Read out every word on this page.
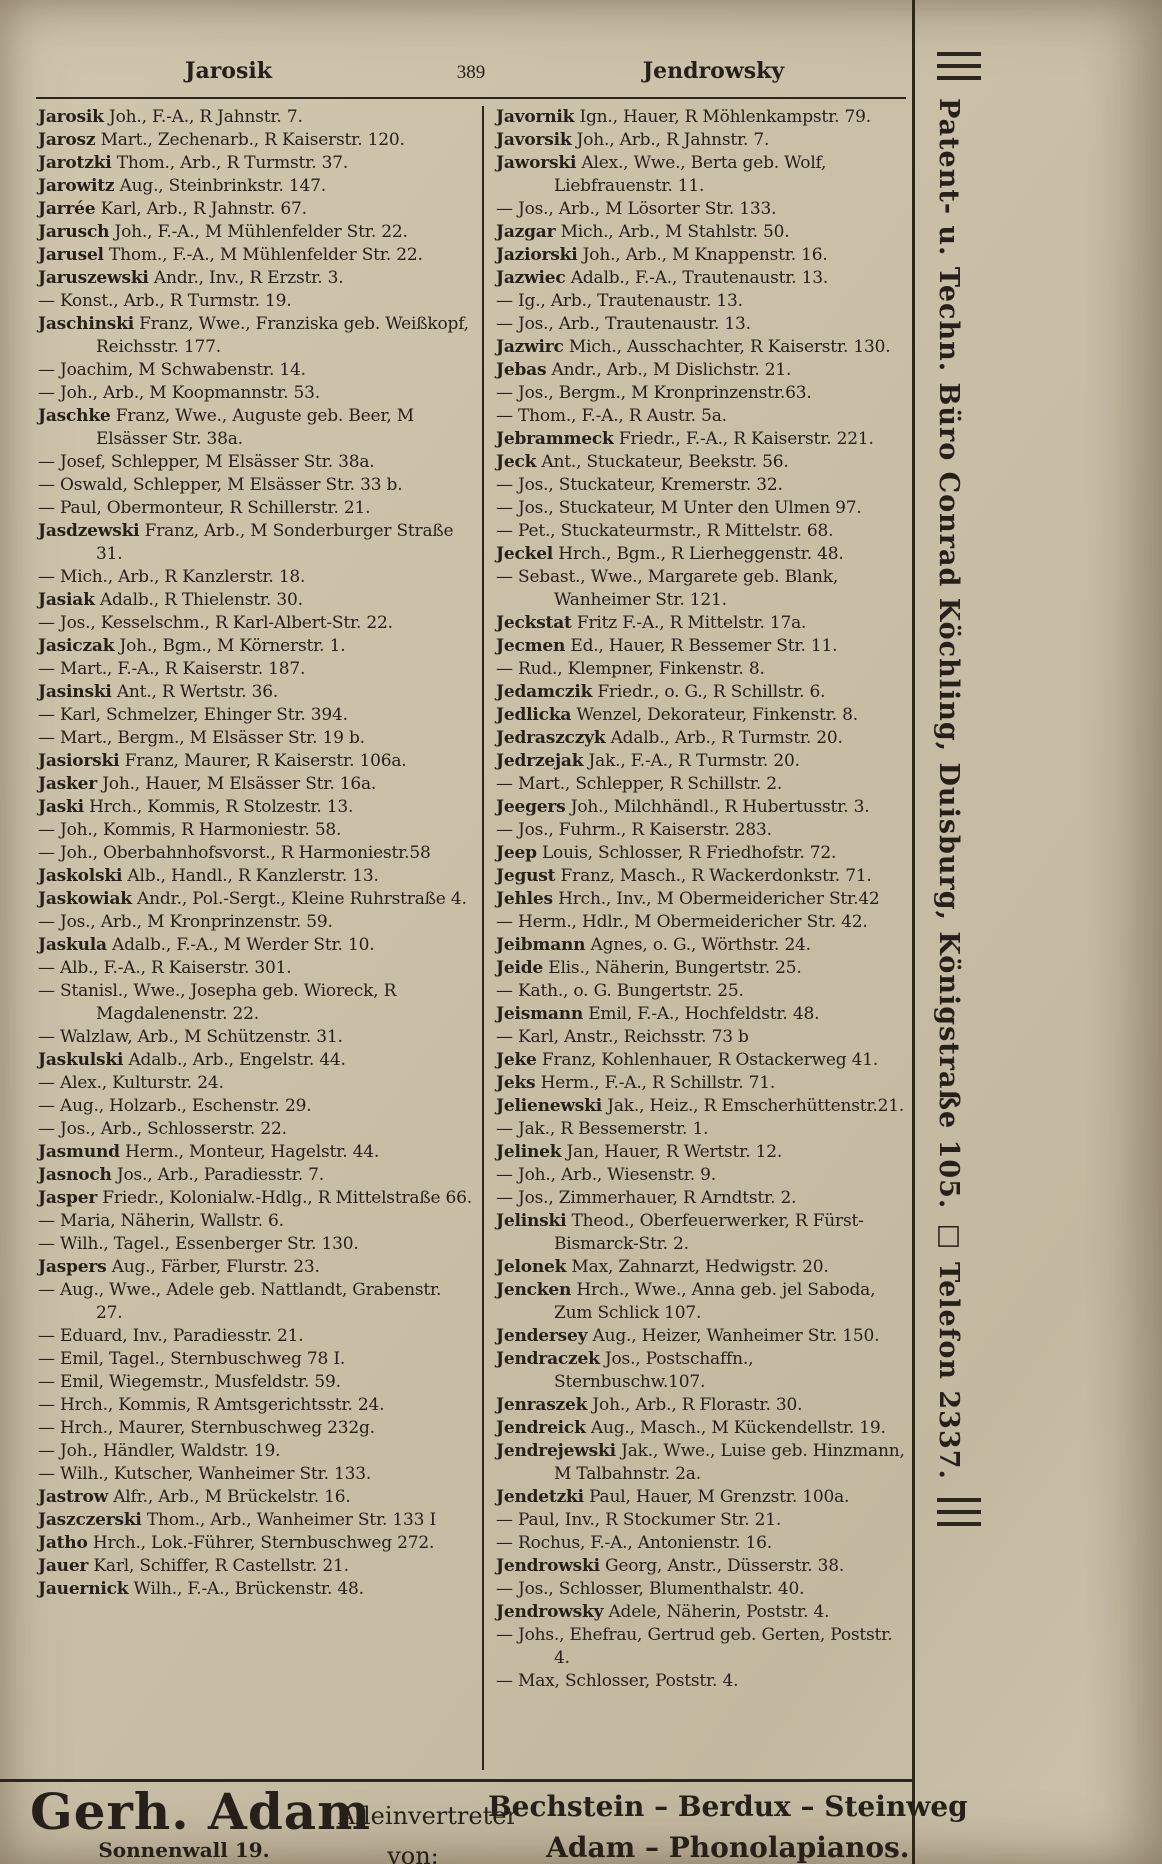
Jarosik	389	Jendrowsky
Jarosik Joh., F.-A., R Jahnstr. 7.
Jarosz Mart., Zechenarb., R Kaiserstr. 120.
Jarotzki Thom., Arb., R Turmstr. 37.
Jarowitz Aug., Steinbrinkstr. 147.
Jarrée Karl, Arb., R Jahnstr. 67.
Jarusch Joh., F.-A., M Mühlenfelder Str. 22.
Jarusel Thom., F.-A., M Mühlenfelder Str. 22.
Jaruszewski Andr., Inv., R Erzstr. 3.
— Konst., Arb., R Turmstr. 19.
Jaschinski Franz, Wwe., Franziska geb. Weißkopf, Reichsstr. 177.
— Joachim, M Schwabenstr. 14.
— Joh., Arb., M Koopmannstr. 53.
Jaschke Franz, Wwe., Auguste geb. Beer, M Elsässer Str. 38a.
— Josef, Schlepper, M Elsässer Str. 38a.
— Oswald, Schlepper, M Elsässer Str. 33 b.
— Paul, Obermonteur, R Schillerstr. 21.
Jasdzewski Franz, Arb., M Sonderburger Straße 31.
— Mich., Arb., R Kanzlerstr. 18.
Jasiak Adalb., R Thielenstr. 30.
— Jos., Kesselschm., R Karl-Albert-Str. 22.
Jasiczak Joh., Bgm., M Körnerstr. 1.
— Mart., F.-A., R Kaiserstr. 187.
Jasinski Ant., R Wertstr. 36.
— Karl, Schmelzer, Ehinger Str. 394.
— Mart., Bergm., M Elsässer Str. 19 b.
Jasiorski Franz, Maurer, R Kaiserstr. 106a.
Jasker Joh., Hauer, M Elsässer Str. 16a.
Jaski Hrch., Kommis, R Stolzestr. 13.
— Joh., Kommis, R Harmoniestr. 58.
— Joh., Oberbahnhofsvorst., R Harmoniestr.58
Jaskolski Alb., Handl., R Kanzlerstr. 13.
Jaskowiak Andr., Pol.-Sergt., Kleine Ruhrstraße 4.
— Jos., Arb., M Kronprinzenstr. 59.
Jaskula Adalb., F.-A., M Werder Str. 10.
— Alb., F.-A., R Kaiserstr. 301.
— Stanisl., Wwe., Josepha geb. Wioreck, R Magdalenenstr. 22.
— Walzlaw, Arb., M Schützenstr. 31.
Jaskulski Adalb., Arb., Engelstr. 44.
— Alex., Kulturstr. 24.
— Aug., Holzarb., Eschenstr. 29.
— Jos., Arb., Schlosserstr. 22.
Jasmund Herm., Monteur, Hagelstr. 44.
Jasnoch Jos., Arb., Paradiesstr. 7.
Jasper Friedr., Kolonialw.-Hdlg., R Mittelstraße 66.
— Maria, Näherin, Wallstr. 6.
— Wilh., Tagel., Essenberger Str. 130.
Jaspers Aug., Färber, Flurstr. 23.
— Aug., Wwe., Adele geb. Nattlandt, Grabenstr. 27.
— Eduard, Inv., Paradiesstr. 21.
— Emil, Tagel., Sternbuschweg 78 I.
— Emil, Wiegemstr., Musfeldstr. 59.
— Hrch., Kommis, R Amtsgerichtsstr. 24.
— Hrch., Maurer, Sternbuschweg 232g.
— Joh., Händler, Waldstr. 19.
— Wilh., Kutscher, Wanheimer Str. 133.
Jastrow Alfr., Arb., M Brückelstr. 16.
Jaszczerski Thom., Arb., Wanheimer Str. 133 I
Jatho Hrch., Lok.-Führer, Sternbuschweg 272.
Jauer Karl, Schiffer, R Castellstr. 21.
Jauernick Wilh., F.-A., Brückenstr. 48.
Javornik Ign., Hauer, R Möhlenkampstr. 79.
Javorsik Joh., Arb., R Jahnstr. 7.
Jaworski Alex., Wwe., Berta geb. Wolf, Liebfrauenstr. 11.
— Jos., Arb., M Lösorter Str. 133.
Jazgar Mich., Arb., M Stahlstr. 50.
Jaziorski Joh., Arb., M Knappenstr. 16.
Jazwiec Adalb., F.-A., Trautenaustr. 13.
— Ig., Arb., Trautenaustr. 13.
— Jos., Arb., Trautenaustr. 13.
Jazwirc Mich., Ausschachter, R Kaiserstr. 130.
Jebas Andr., Arb., M Dislichstr. 21.
— Jos., Bergm., M Kronprinzenstr.63.
— Thom., F.-A., R Austr. 5a.
Jebrammeck Friedr., F.-A., R Kaiserstr. 221.
Jeck Ant., Stuckateur, Beekstr. 56.
— Jos., Stuckateur, Kremerstr. 32.
— Jos., Stuckateur, M Unter den Ulmen 97.
— Pet., Stuckateurmstr., R Mittelstr. 68.
Jeckel Hrch., Bgm., R Lierheggenstr. 48.
— Sebast., Wwe., Margarete geb. Blank, Wanheimer Str. 121.
Jeckstat Fritz F.-A., R Mittelstr. 17a.
Jecmen Ed., Hauer, R Bessemer Str. 11.
— Rud., Klempner, Finkenstr. 8.
Jedamczik Friedr., o. G., R Schillstr. 6.
Jedlicka Wenzel, Dekorateur, Finkenstr. 8.
Jedraszczyk Adalb., Arb., R Turmstr. 20.
Jedrzejak Jak., F.-A., R Turmstr. 20.
— Mart., Schlepper, R Schillstr. 2.
Jeegers Joh., Milchhändl., R Hubertusstr. 3.
— Jos., Fuhrm., R Kaiserstr. 283.
Jeep Louis, Schlosser, R Friedhofstr. 72.
Jegust Franz, Masch., R Wackerdonkstr. 71.
Jehles Hrch., Inv., M Obermeidericher Str.42
— Herm., Hdlr., M Obermeidericher Str. 42.
Jeibmann Agnes, o. G., Wörthstr. 24.
Jeide Elis., Näherin, Bungertstr. 25.
— Kath., o. G. Bungertstr. 25.
Jeismann Emil, F.-A., Hochfeldstr. 48.
— Karl, Anstr., Reichsstr. 73 b
Jeke Franz, Kohlenhauer, R Ostackerweg 41.
Jeks Herm., F.-A., R Schillstr. 71.
Jelienewski Jak., Heiz., R Emscherhüttenstr.21.
— Jak., R Bessemerstr. 1.
Jelinek Jan, Hauer, R Wertstr. 12.
— Joh., Arb., Wiesenstr. 9.
— Jos., Zimmerhauer, R Arndtstr. 2.
Jelinski Theod., Oberfeuerwerker, R Fürst-Bismarck-Str. 2.
Jelonek Max, Zahnarzt, Hedwigstr. 20.
Jencken Hrch., Wwe., Anna geb. jel Saboda, Zum Schlick 107.
Jendersey Aug., Heizer, Wanheimer Str. 150.
Jendraczek Jos., Postschaffn., Sternbuschw.107.
Jenraszek Joh., Arb., R Florastr. 30.
Jendreick Aug., Masch., M Kückendellstr. 19.
Jendrejewski Jak., Wwe., Luise geb. Hinzmann, M Talbahnstr. 2a.
Jendetzki Paul, Hauer, M Grenzstr. 100a.
— Paul, Inv., R Stockumer Str. 21.
— Rochus, F.-A., Antonienstr. 16.
Jendrowski Georg, Anstr., Düsserstr. 38.
— Jos., Schlosser, Blumenthalstr. 40.
Jendrowsky Adele, Näherin, Poststr. 4.
— Johs., Ehefrau, Gertrud geb. Gerten, Poststr. 4.
— Max, Schlosser, Poststr. 4.
Patent- u. Techn. Büro Conrad Köchling, Duisburg, Königstraße 105. □ Telefon 2337.
Gerh. Adam
Sonnenwall 19.
Alleinvertreter
von:
Bechstein – Berdux – Steinweg
Adam – Phonolapianos.
